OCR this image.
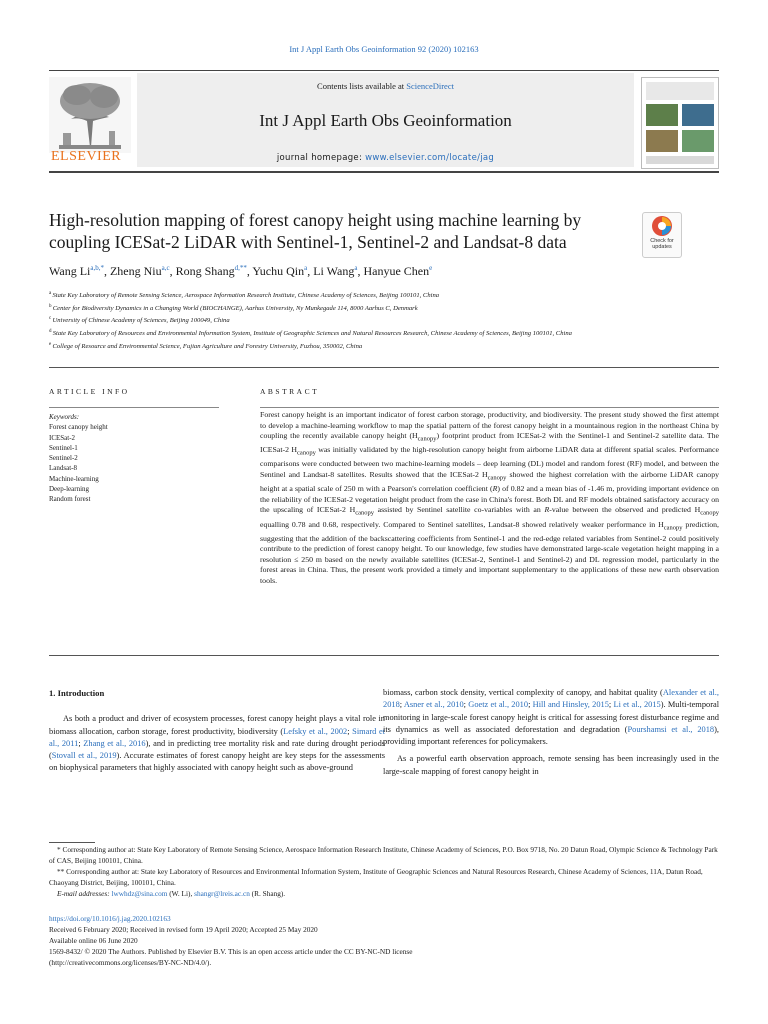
Int J Appl Earth Obs Geoinformation 92 (2020) 102163
ELSEVIER
Contents lists available at ScienceDirect
Int J Appl Earth Obs Geoinformation
journal homepage: www.elsevier.com/locate/jag
High-resolution mapping of forest canopy height using machine learning by coupling ICESat-2 LiDAR with Sentinel-1, Sentinel-2 and Landsat-8 data	Check for updates
Wang $Li^{a,b,*}$, Zheng Niu$^{a,c}$, Rong Shang$^{d,**}$, Yuchu Qin$^a$, Li Wang$^a$, Hanyue Chen$^e$
$^a$ State Key Laboratory of Remote Sensing Science, Aerospace Information Research Institute, Chinese Academy of Sciences, Beijing 100101, China
$^b$ Center for Biodiversity Dynamics in a Changing World (BIOCHANGE), Aarhus University, Ny Munkegade 114, 8000 Aarhus C, Denmark
$^c$ University of Chinese Academy of Sciences, Beijing 100049, China
$^d$ State Key Laboratory of Resources and Environmental Information System, Institute of Geographic Sciences and Natural Resources Research, Chinese Academy of Sciences, Beijing 100101, China
$^e$ College of Resource and Environmental Science, Fujian Agriculture and Forestry University, Fuzhou, 350002, China
ARTICLE INFO	ABSTRACT
Keywords:
Forest canopy height
ICESat-2
Sentinel-1
Sentinel-2
Landsat-8
Machine-learning
Deep-learning
Random forest
Forest canopy height is an important indicator of forest carbon storage, productivity, and biodiversity. The present study showed the first attempt to develop a machine-learning workflow to map the spatial pattern of the forest canopy height in a mountainous region in the northeast China by coupling the recently available canopy height $(H_{canopy})$ footprint product from ICESat-2 with the Sentinel-1 and Sentinel-2 satellite data. The ICESat-2 $H_{canopy}$ was initially validated by the high-resolution canopy height from airborne LiDAR data at different spatial scales. Performance comparisons were conducted between two machine-learning models – deep learning (DL) model and random forest (RF) model, and between the Sentinel and Landsat-8 satellites. Results showed that the ICESat-2 $H_{canopy}$ showed the highest correlation with the airborne LiDAR canopy height at a spatial scale of 250 m with a Pearson's correlation coefficient (R) of 0.82 and a mean bias of -1.46 m, providing important evidence on the reliability of the ICESat-2 vegetation height product from the case in China's forest. Both DL and RF models obtained satisfactory accuracy on the upscaling of ICESat-2 $H_{canopy}$ assisted by Sentinel satellite co-variables with an R-value between the observed and predicted $H_{canopy}$ equalling 0.78 and 0.68, respectively. Compared to Sentinel satellites, Landsat-8 showed relatively weaker performance in $H_{canopy}$ prediction, suggesting that the addition of the backscattering coefficients from Sentinel-1 and the red-edge related variables from Sentinel-2 could positively contribute to the prediction of forest canopy height. To our knowledge, few studies have demonstrated large-scale vegetation height mapping in a resolution ≤ 250 m based on the newly available satellites (ICESat-2, Sentinel-1 and Sentinel-2) and DL regression model, particularly in the forest areas in China. Thus, the present work provided a timely and important supplementary to the applications of these new earth observation tools.
1. Introduction

As both a product and driver of ecosystem processes, forest canopy height plays a vital role in biomass allocation, carbon storage, forest productivity, biodiversity (Lefsky et al., 2002; Simard et al., 2011; Zhang et al., 2016), and in predicting tree mortality risk and rate during drought periods (Stovall et al., 2019). Accurate estimates of forest canopy height are key steps for the assessments on biophysical parameters that highly associated with canopy height such as above-ground

biomass, carbon stock density, vertical complexity of canopy, and habitat quality (Alexander et al., 2018; Asner et al., 2010; Goetz et al., 2010; Hill and Hinsley, 2015; Li et al., 2015). Multi-temporal monitoring in large-scale forest canopy height is critical for assessing forest disturbance regime and its dynamics as well as associated deforestation and degradation (Pourshamsi et al., 2018), providing important references for policymakers.

As a powerful earth observation approach, remote sensing has been increasingly used in the large-scale mapping of forest canopy height in

* Corresponding author at: State Key Laboratory of Remote Sensing Science, Aerospace Information Research Institute, Chinese Academy of Sciences, P.O. Box 9718, No. 20 Datun Road, Olympic Science & Technology Park of CAS, Beijing 100101, China.

** Corresponding author at: State key Laboratory of Resources and Environmental Information System, Institute of Geographic Sciences and Natural Resources Research, Chinese Academy of Sciences, 11A, Datun Road, Chaoyang District, Beijing, 100101, China.

E-mail addresses: lwwhdz@sina.com (W. Li), shangr@lreis.ac.cn (R. Shang).

https://doi.org/10.1016/j.jag.2020.102163
Received 6 February 2020; Received in revised form 19 April 2020; Accepted 25 May 2020
Available online 06 June 2020
1569-8432/ © 2020 The Authors. Published by Elsevier B.V. This is an open access article under the CC BY-NC-ND license
(http://creativecommons.org/licenses/BY-NC-ND/4.0/).
